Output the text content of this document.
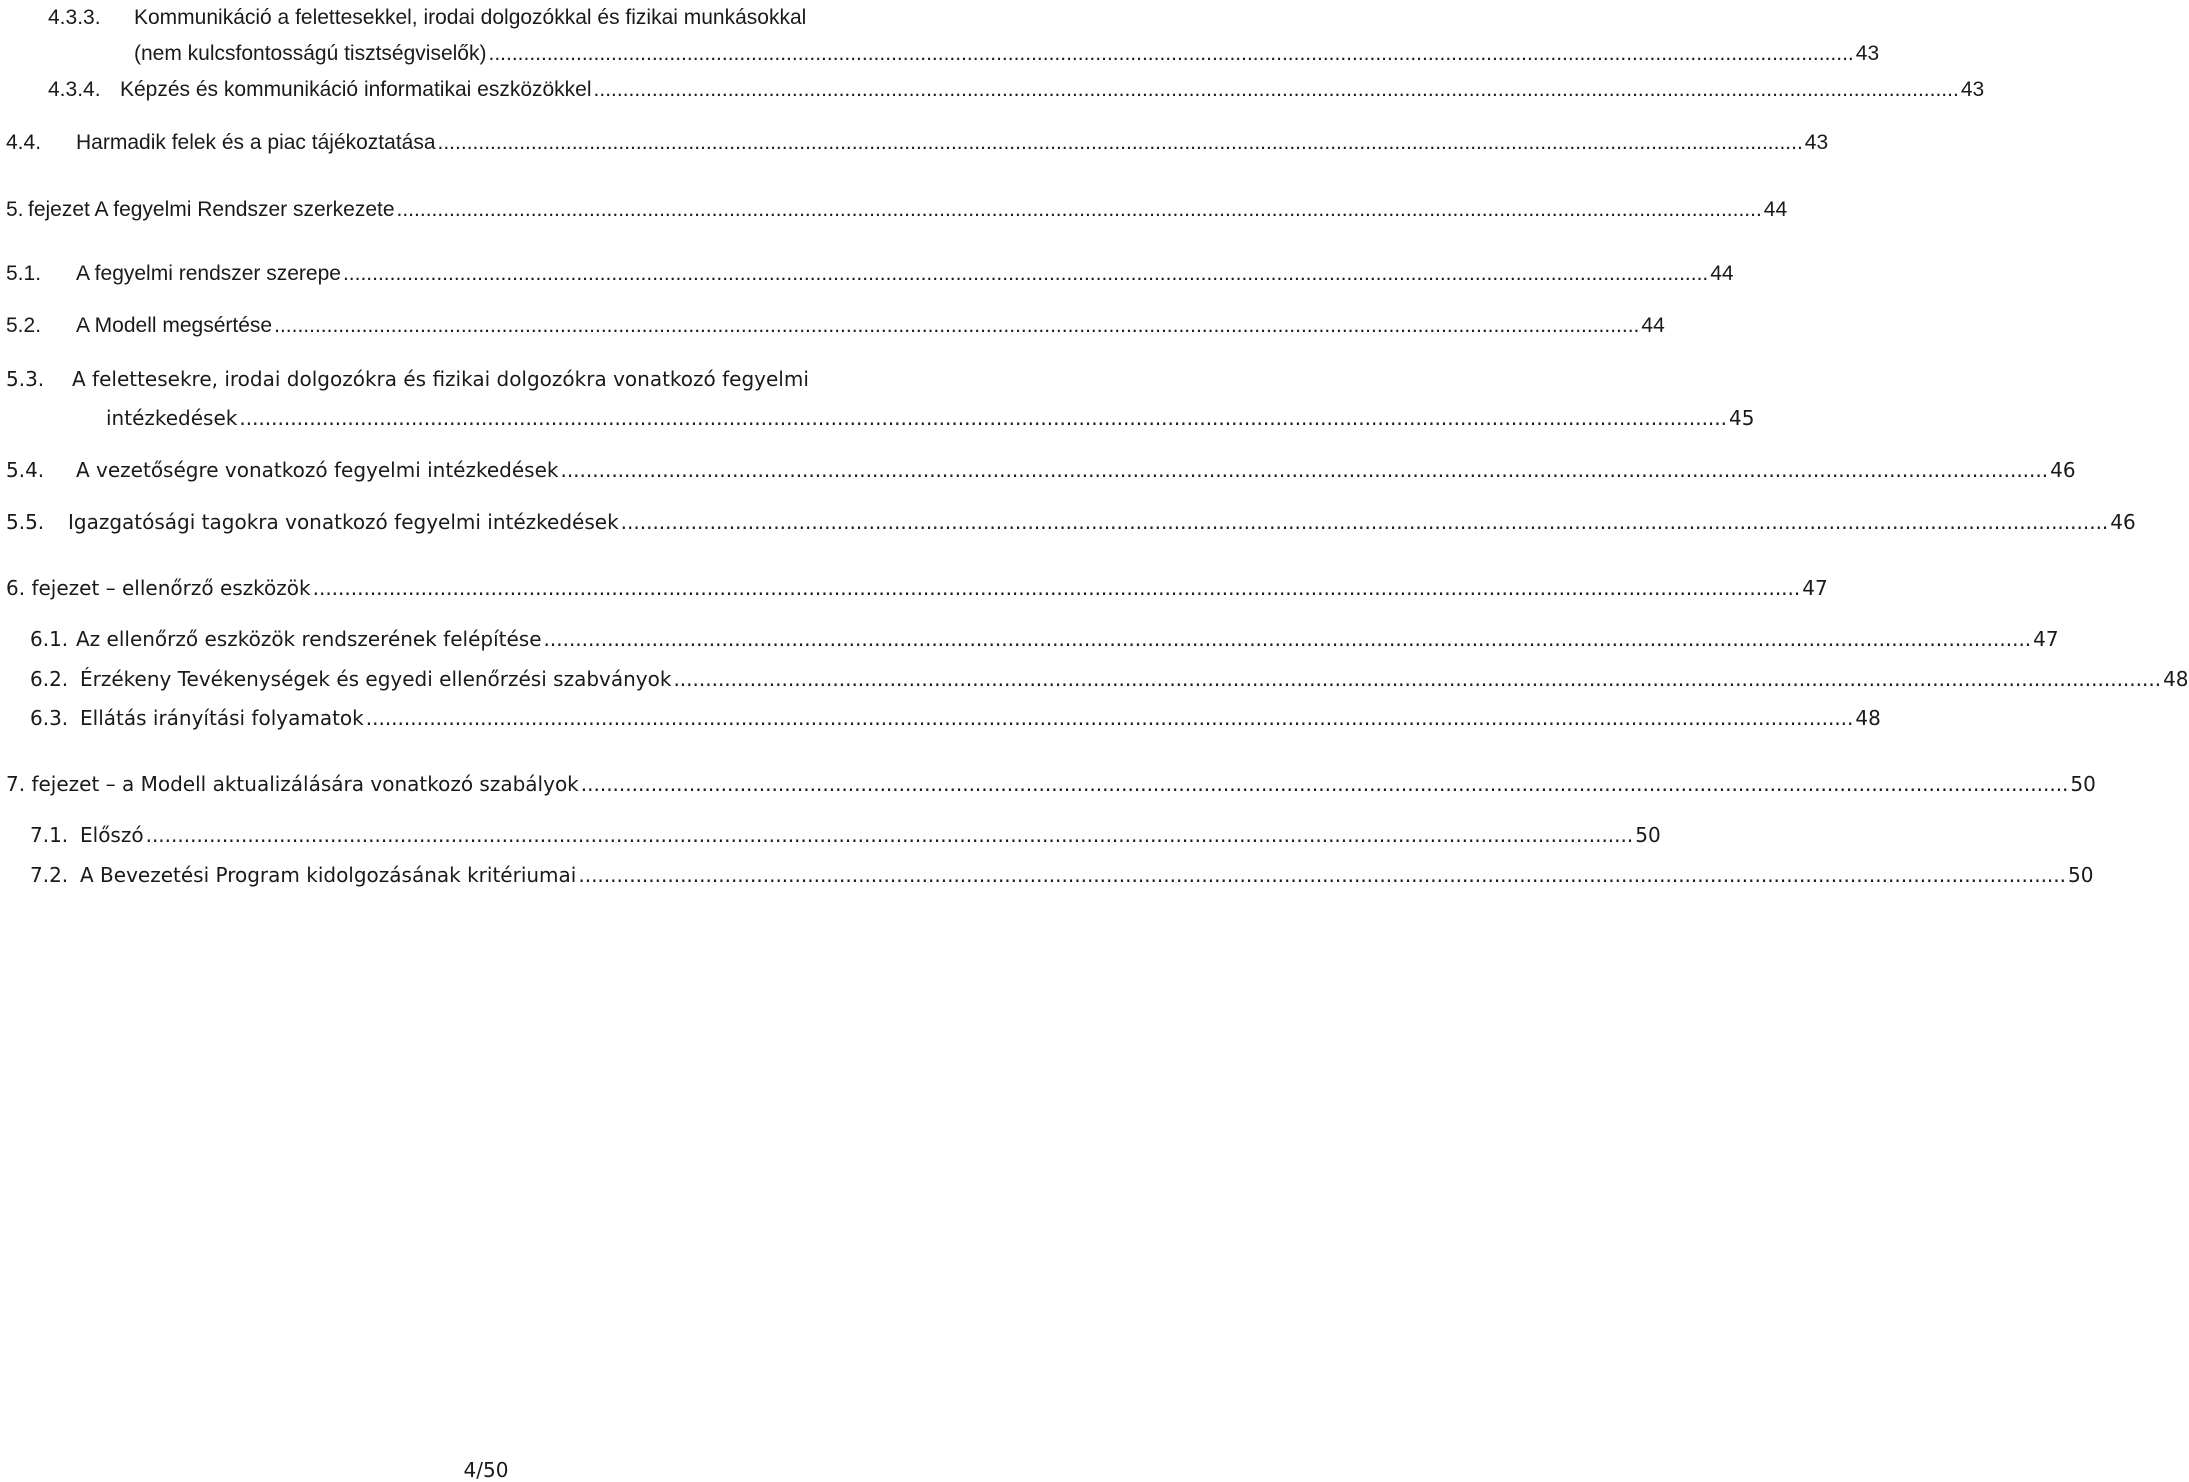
4.3.3.	Kommunikáció a felettesekkel, irodai dolgozókkal és fizikai munkásokkal
(nem kulcsfontosságú tisztségviselők) .....	43
4.3.4. Képzés és kommunikáció informatikai eszközökkel .....	43
4.4.	Harmadik felek és a piac tájékoztatása .....	43
5. fejezet A fegyelmi Rendszer szerkezete .....	44
5.1.	A fegyelmi rendszer szerepe .....	44
5.2.	A Modell megsértése .....	44
5.3.	A felettesekre, irodai dolgozókra és fizikai dolgozókra vonatkozó fegyelmi
intézkedések .....	45
5.4.	A vezetőségre vonatkozó fegyelmi intézkedések .....	46
5.5.	Igazgatósági tagokra vonatkozó fegyelmi intézkedések .....	46
6. fejezet – ellenőrző eszközök .....	47
6.1. Az ellenőrző eszközök rendszerének felépítése .....	47
6.2. Érzékeny Tevékenységek és egyedi ellenőrzési szabványok .....	48
6.3. Ellátás irányítási folyamatok .....	48
7. fejezet – a Modell aktualizálására vonatkozó szabályok .....	50
7.1. Előszó .....	50
7.2. A Bevezetési Program kidolgozásának kritériumai .....	50
4/50
